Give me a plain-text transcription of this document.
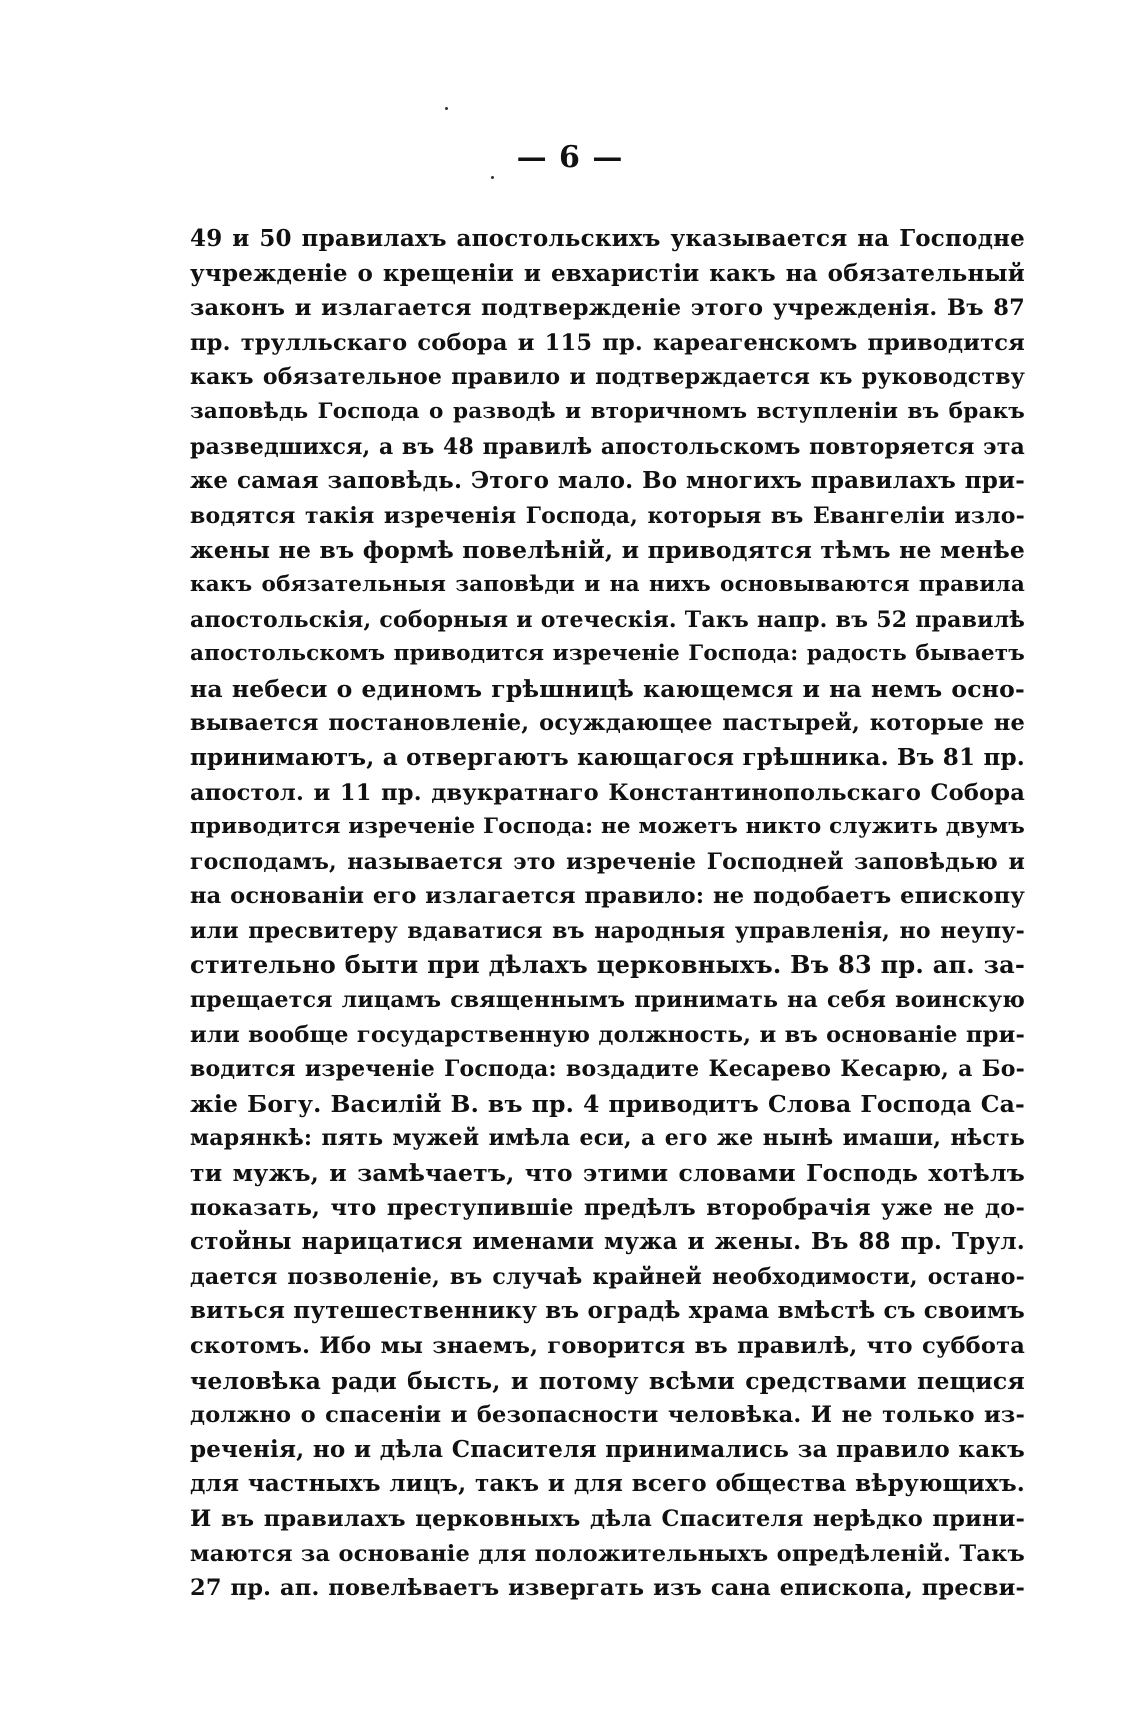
— 6 —
49 и 50 правилахъ апостольскихъ указывается на Господне
учрежденіе о крещеніи и евхаристіи какъ на обязательный
законъ и излагается подтвержденіе этого учрежденія. Въ 87
пр. трулльскаго собора и 115 пр. кареагенскомъ приводится
какъ обязательное правило и подтверждается къ руководству
заповѣдь Господа о разводѣ и вторичномъ вступленіи въ бракъ
разведшихся, а въ 48 правилѣ апостольскомъ повторяется эта
же самая заповѣдь. Этого мало. Во многихъ правилахъ при-
водятся такія изреченія Господа, которыя въ Евангеліи изло-
жены не въ формѣ повелѣній, и приводятся тѣмъ не менѣе
какъ обязательныя заповѣди и на нихъ основываются правила
апостольскія, соборныя и отеческія. Такъ напр. въ 52 правилѣ
апостольскомъ приводится изреченіе Господа: радость бываетъ
на небеси о единомъ грѣшницѣ кающемся и на немъ осно-
вывается постановленіе, осуждающее пастырей, которые не
принимаютъ, а отвергаютъ кающагося грѣшника. Въ 81 пр.
апостол. и 11 пр. двукратнаго Константинопольскаго Собора
приводится изреченіе Господа: не можетъ никто служить двумъ
господамъ, называется это изреченіе Господней заповѣдью и
на основаніи его излагается правило: не подобаетъ епископу
или пресвитеру вдаватися въ народныя управленія, но неупу-
стительно быти при дѣлахъ церковныхъ. Въ 83 пр. ап. за-
прещается лицамъ священнымъ принимать на себя воинскую
или вообще государственную должность, и въ основаніе при-
водится изреченіе Господа: воздадите Кесарево Кесарю, а Бо-
жіе Богу. Василій В. въ пр. 4 приводитъ Слова Господа Са-
марянкѣ: пять мужей имѣла еси, а его же нынѣ имаши, нѣсть
ти мужъ, и замѣчаетъ, что этими словами Господь хотѣлъ
показать, что преступившіе предѣлъ второбрачія уже не до-
стойны нарицатися именами мужа и жены. Въ 88 пр. Трул.
дается позволеніе, въ случаѣ крайней необходимости, остано-
виться путешественнику въ оградѣ храма вмѣстѣ съ своимъ
скотомъ. Ибо мы знаемъ, говорится въ правилѣ, что суббота
человѣка ради бысть, и потому всѣми средствами пещися
должно о спасеніи и безопасности человѣка. И не только из-
реченія, но и дѣла Спасителя принимались за правило какъ
для частныхъ лицъ, такъ и для всего общества вѣрующихъ.
И въ правилахъ церковныхъ дѣла Спасителя нерѣдко прини-
маются за основаніе для положительныхъ опредѣленій. Такъ
27 пр. ап. повелѣваетъ извергать изъ сана епископа, пресви-
